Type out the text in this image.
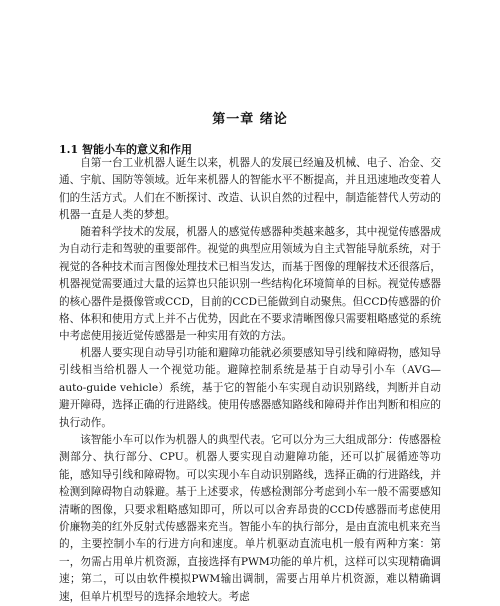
第一章 绪论
1.1 智能小车的意义和作用
自第一台工业机器人诞生以来，机器人的发展已经遍及机械、电子、冶金、交通、宇航、国防等领域。近年来机器人的智能水平不断提高，并且迅速地改变着人们的生活方式。人们在不断探讨、改造、认识自然的过程中，制造能替代人劳动的机器一直是人类的梦想。
随着科学技术的发展，机器人的感觉传感器种类越来越多，其中视觉传感器成为自动行走和驾驶的重要部件。视觉的典型应用领域为自主式智能导航系统，对于视觉的各种技术而言图像处理技术已相当发达，而基于图像的理解技术还很落后，机器视觉需要通过大量的运算也只能识别一些结构化环境简单的目标。视觉传感器的核心器件是摄像管或CCD，目前的CCD已能做到自动聚焦。但CCD传感器的价格、体积和使用方式上并不占优势，因此在不要求清晰图像只需要粗略感觉的系统中考虑使用接近觉传感器是一种实用有效的方法。
机器人要实现自动导引功能和避障功能就必须要感知导引线和障碍物，感知导引线相当给机器人一个视觉功能。避障控制系统是基于自动导引小车（AVG—auto-guide vehicle）系统，基于它的智能小车实现自动识别路线，判断并自动避开障碍，选择正确的行进路线。使用传感器感知路线和障碍并作出判断和相应的执行动作。
该智能小车可以作为机器人的典型代表。它可以分为三大组成部分：传感器检测部分、执行部分、CPU。机器人要实现自动避障功能，还可以扩展循迹等功能，感知导引线和障碍物。可以实现小车自动识别路线，选择正确的行进路线，并检测到障碍物自动躲避。基于上述要求，传感检测部分考虑到小车一般不需要感知清晰的图像，只要求粗略感知即可，所以可以舍弃昂贵的CCD传感器而考虑使用价廉物美的红外反射式传感器来充当。智能小车的执行部分，是由直流电机来充当的，主要控制小车的行进方向和速度。单片机驱动直流电机一般有两种方案：第一，勿需占用单片机资源，直接选择有PWM功能的单片机，这样可以实现精确调速；第二，可以由软件模拟PWM输出调制，需要占用单片机资源，难以精确调速，但单片机型号的选择余地较大。考虑
